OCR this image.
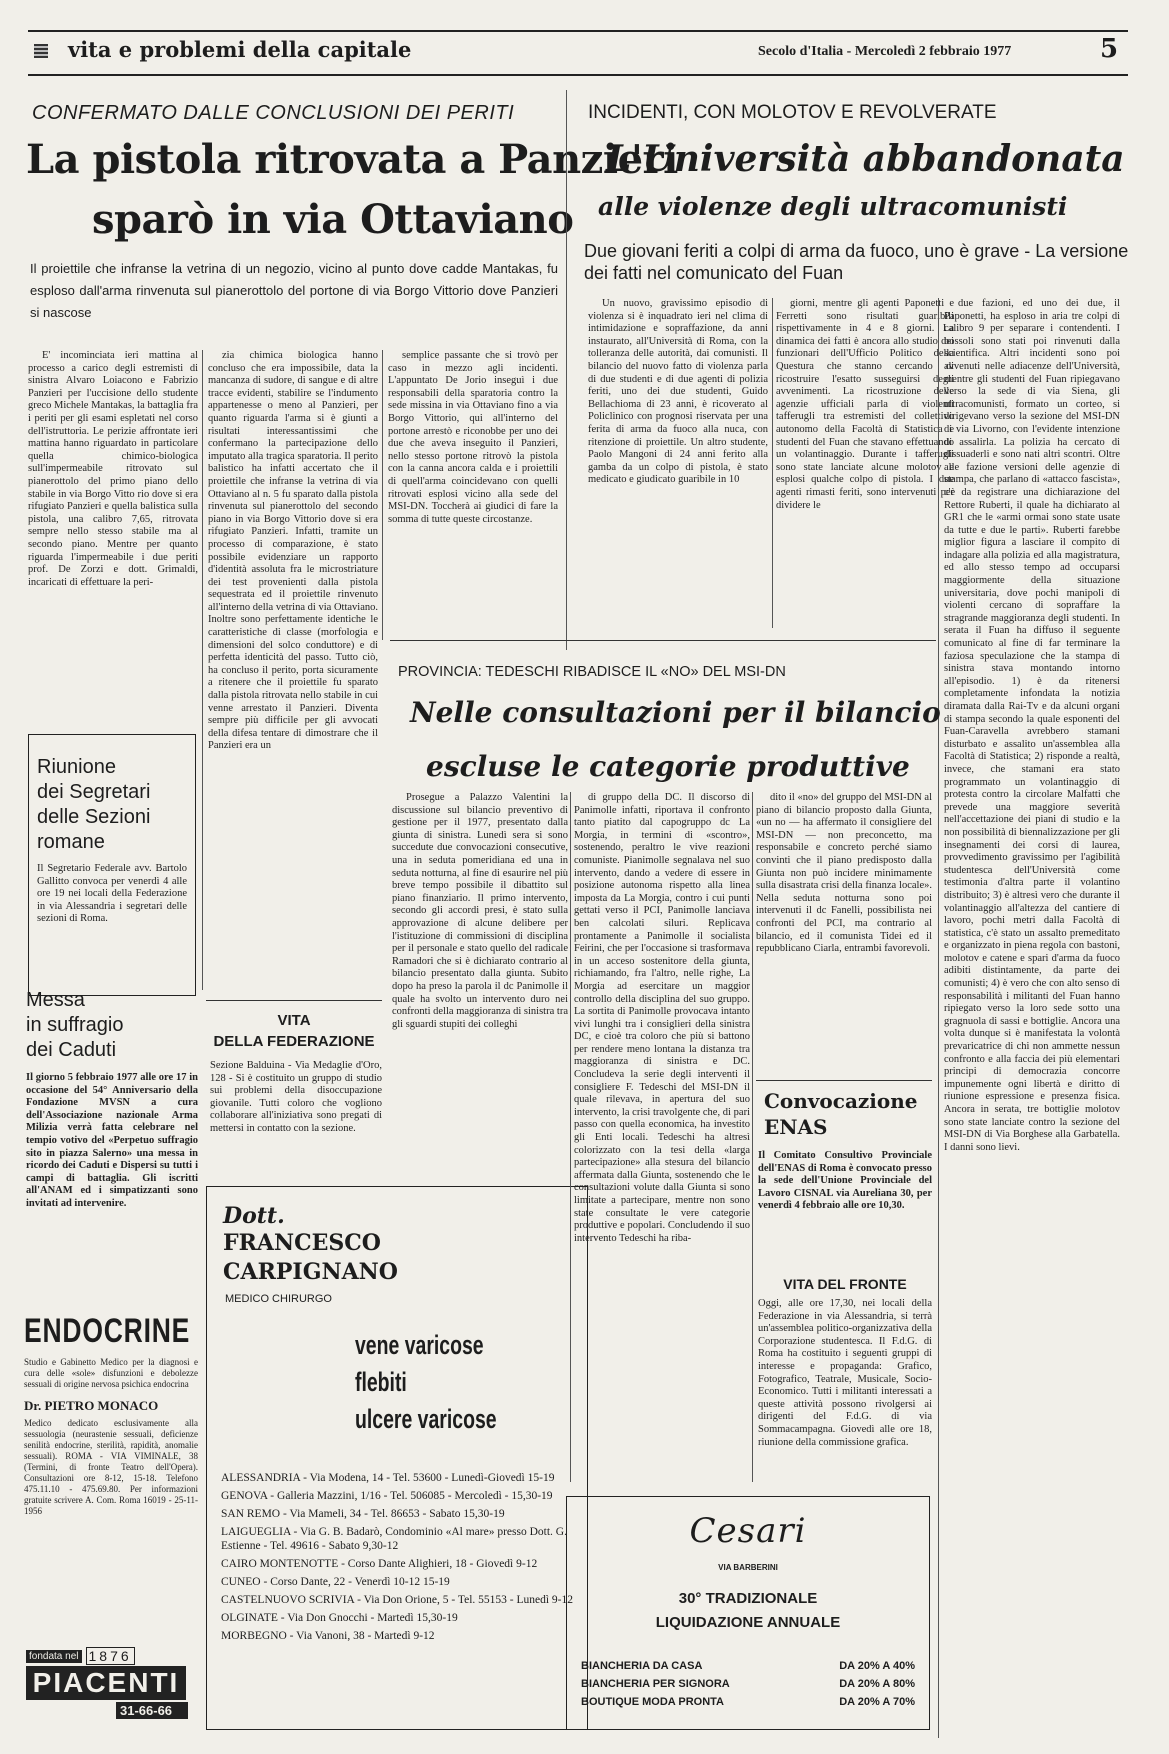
vita e problemi della capitale	Secolo d'Italia - Mercoledì 2 febbraio 1977	5
CONFERMATO DALLE CONCLUSIONI DEI PERITI
La pistola ritrovata a Panzieri
sparò in via Ottaviano
Il proiettile che infranse la vetrina di un negozio, vicino al punto dove cadde Mantakas, fu esploso dall'arma rinvenuta sul pianerottolo del portone di via Borgo Vittorio dove Panzieri si nascose

E' incominciata ieri mattina al processo a carico degli estremisti di sinistra Alvaro Loiacono e Fabrizio Panzieri per l'uccisione dello studente greco Michele Mantakas, la battaglia fra i periti per gli esami espletati nel corso dell'istruttoria. Le perizie affrontate ieri mattina hanno riguardato in particolare quella chimico-biologica sull'impermeabile ritrovato sul pianerottolo del primo piano dello stabile in via Borgo Vitto rio dove si era rifugiato Panzieri e quella balistica sulla pistola, una calibro 7,65, ritrovata sempre nello stesso stabile ma al secondo piano. Mentre per quanto riguarda l'impermeabile i due periti prof. De Zorzi e dott. Grimaldi, incaricati di effettuare la peri-

zia chimica biologica hanno concluso che era impossibile, data la mancanza di sudore, di sangue e di altre tracce evidenti, stabilire se l'indumento appartenesse o meno al Panzieri, per quanto riguarda l'arma si è giunti a risultati interessantissimi che confermano la partecipazione dello imputato alla tragica sparatoria. Il perito balistico ha infatti accertato che il proiettile che infranse la vetrina di via Ottaviano al n. 5 fu sparato dalla pistola rinvenuta sul pianerottolo del secondo piano in via Borgo Vittorio dove si era rifugiato Panzieri. Infatti, tramite un processo di comparazione, è stato possibile evidenziare un rapporto d'identità assoluta fra le microstriature dei test provenienti dalla pistola sequestrata ed il proiettile rinvenuto all'interno della vetrina di via Ottaviano. Inoltre sono perfettamente identiche le caratteristiche di classe (morfologia e dimensioni del solco conduttore) e di perfetta identicità del passo. Tutto ciò, ha concluso il perito, porta sicuramente a ritenere che il proiettile fu sparato dalla pistola ritrovata nello stabile in cui venne arrestato il Panzieri. Diventa sempre più difficile per gli avvocati della difesa tentare di dimostrare che il Panzieri era un

semplice passante che si trovò per caso in mezzo agli incidenti. L'appuntato De Jorio inseguì i due responsabili della sparatoria contro la sede missina in via Ottaviano fino a via Borgo Vittorio, qui all'interno del portone arrestò e riconobbe per uno dei due che aveva inseguito il Panzieri, nello stesso portone ritrovò la pistola con la canna ancora calda e i proiettili di quell'arma coincidevano con quelli ritrovati esplosi vicino alla sede del MSI-DN. Toccherà ai giudici di fare la somma di tutte queste circostanze.

Riunione
dei Segretari
delle Sezioni
romane
Il Segretario Federale avv. Bartolo Gallitto convoca per venerdì 4 alle ore 19 nei locali della Federazione in via Alessandria i segretari delle sezioni di Roma.
Messa
in suffragio
dei Caduti
Il giorno 5 febbraio 1977 alle ore 17 in occasione del 54° Anniversario della Fondazione MVSN a cura dell'Associazione nazionale Arma Milizia verrà fatta celebrare nel tempio votivo del «Perpetuo suffragio sito in piazza Salerno» una messa in ricordo dei Caduti e Dispersi su tutti i campi di battaglia. Gli iscritti all'ANAM ed i simpatizzanti sono invitati ad intervenire.
ENDOCRINE
Studio e Gabinetto Medico per la diagnosi e cura delle «sole» disfunzioni e debolezze sessuali di origine nervosa psichica endocrina
Dr. PIETRO MONACO
Medico dedicato esclusivamente alla sessuologia (neurastenie sessuali, deficienze senilità endocrine, sterilità, rapidità, anomalie sessuali). ROMA - VIA VIMINALE, 38 (Termini, di fronte Teatro dell'Opera). Consultazioni ore 8-12, 15-18. Telefono 475.11.10 - 475.69.80. Per informazioni gratuite scrivere A. Com. Roma 16019 - 25-11-1956
fondata nel 1876
PIACENTI
31-66-66
VITA
DELLA FEDERAZIONE
Sezione Balduina - Via Medaglie d'Oro, 128 - Si è costituito un gruppo di studio sui problemi della disoccupazione giovanile. Tutti coloro che vogliono collaborare all'iniziativa sono pregati di mettersi in contatto con la sezione.
Dott.
FRANCESCO
CARPIGNANO
MEDICO CHIRURGO
vene varicose
flebiti
ulcere varicose
ALESSANDRIA - Via Modena, 14 - Tel. 53600 - Lunedì-Giovedì 15-19
GENOVA - Galleria Mazzini, 1/16 - Tel. 506085 - Mercoledì - 15,30-19
SAN REMO - Via Mameli, 34 - Tel. 86653 - Sabato 15,30-19
LAIGUEGLIA - Via G. B. Badarò, Condominio «Al mare» presso Dott. G. Estienne - Tel. 49616 - Sabato 9,30-12
CAIRO MONTENOTTE - Corso Dante Alighieri, 18 - Giovedì 9-12
CUNEO - Corso Dante, 22 - Venerdì 10-12 15-19
CASTELNUOVO SCRIVIA - Via Don Orione, 5 - Tel. 55153 - Lunedì 9-12
OLGINATE - Via Don Gnocchi - Martedì 15,30-19
MORBEGNO - Via Vanoni, 38 - Martedì 9-12
INCIDENTI, CON MOLOTOV E REVOLVERATE
L'Università abbandonata
alle violenze degli ultracomunisti
Due giovani feriti a colpi di arma da fuoco, uno è grave - La versione dei fatti nel comunicato del Fuan

Un nuovo, gravissimo episodio di violenza si è inquadrato ieri nel clima di intimidazione e sopraffazione, da anni instaurato, all'Università di Roma, con la tolleranza delle autorità, dai comunisti. Il bilancio del nuovo fatto di violenza parla di due studenti e di due agenti di polizia feriti, uno dei due studenti, Guido Bellachioma di 23 anni, è ricoverato al Policlinico con prognosi riservata per una ferita di arma da fuoco alla nuca, con ritenzione di proiettile. Un altro studente, Paolo Mangoni di 24 anni ferito alla gamba da un colpo di pistola, è stato medicato e giudicato guaribile in 10

giorni, mentre gli agenti Paponetti e Ferretti sono risultati guaribili rispettivamente in 4 e 8 giorni. La dinamica dei fatti è ancora allo studio dei funzionari dell'Ufficio Politico della Questura che stanno cercando di ricostruire l'esatto susseguirsi degli avvenimenti. La ricostruzione delle agenzie ufficiali parla di violenti tafferugli tra estremisti del collettivo autonomo della Facoltà di Statistica e studenti del Fuan che stavano effettuando un volantinaggio. Durante i tafferugli sono state lanciate alcune molotov e esplosi qualche colpo di pistola. I due agenti rimasti feriti, sono intervenuti per dividere le

due fazioni, ed uno dei due, il Paponetti, ha esploso in aria tre colpi di calibro 9 per separare i contendenti. I bossoli sono stati poi rinvenuti dalla scientifica. Altri incidenti sono poi avvenuti nelle adiacenze dell'Università, mentre gli studenti del Fuan ripiegavano verso la sede di via Siena, gli ultracomunisti, formato un corteo, si dirigevano verso la sezione del MSI-DN di via Livorno, con l'evidente intenzione di assalirla. La polizia ha cercato di dissuaderli e sono nati altri scontri. Oltre alle fazione versioni delle agenzie di stampa, che parlano di «attacco fascista», c'è da registrare una dichiarazione del Rettore Ruberti, il quale ha dichiarato al GR1 che le «armi ormai sono state usate da tutte e due le parti». Ruberti farebbe miglior figura a lasciare il compito di indagare alla polizia ed alla magistratura, ed allo stesso tempo ad occuparsi maggiormente della situazione universitaria, dove pochi manipoli di violenti cercano di sopraffare la stragrande maggioranza degli studenti. In serata il Fuan ha diffuso il seguente comunicato al fine di far terminare la faziosa speculazione che la stampa di sinistra stava montando intorno all'episodio. 1) è da ritenersi completamente infondata la notizia diramata dalla Rai-Tv e da alcuni organi di stampa secondo la quale esponenti del Fuan-Caravella avrebbero stamani disturbato e assalito un'assemblea alla Facoltà di Statistica; 2) risponde a realtà, invece, che stamani era stato programmato un volantinaggio di protesta contro la circolare Malfatti che prevede una maggiore severità nell'accettazione dei piani di studio e la non possibilità di biennalizzazione per gli insegnamenti dei corsi di laurea, provvedimento gravissimo per l'agibilità studentesca dell'Università come testimonia d'altra parte il volantino distribuito; 3) è altresì vero che durante il volantinaggio all'altezza del cantiere di lavoro, pochi metri dalla Facoltà di statistica, c'è stato un assalto premeditato e organizzato in piena regola con bastoni, molotov e catene e spari d'arma da fuoco adibiti distintamente, da parte dei comunisti; 4) è vero che con alto senso di responsabilità i militanti del Fuan hanno ripiegato verso la loro sede sotto una gragnuola di sassi e bottiglie. Ancora una volta dunque si è manifestata la volontà prevaricatrice di chi non ammette nessun confronto e alla faccia dei più elementari principi di democrazia concorre impunemente ogni libertà e diritto di riunione espressione e presenza fisica. Ancora in serata, tre bottiglie molotov sono state lanciate contro la sezione del MSI-DN di Via Borghese alla Garbatella. I danni sono lievi.

PROVINCIA: TEDESCHI RIBADISCE IL «NO» DEL MSI-DN
Nelle consultazioni per il bilancio
escluse le categorie produttive

Prosegue a Palazzo Valentini la discussione sul bilancio preventivo di gestione per il 1977, presentato dalla giunta di sinistra. Lunedì sera si sono succedute due convocazioni consecutive, una in seduta pomeridiana ed una in seduta notturna, al fine di esaurire nel più breve tempo possibile il dibattito sul piano finanziario. Il primo intervento, secondo gli accordi presi, è stato sulla approvazione di alcune delibere per l'istituzione di commissioni di disciplina per il personale e stato quello del radicale Ramadori che si è dichiarato contrario al bilancio presentato dalla giunta. Subito dopo ha preso la parola il dc Panimolle il quale ha svolto un intervento duro nei confronti della maggioranza di sinistra tra gli sguardi stupiti dei colleghi

di gruppo della DC. Il discorso di Panimolle infatti, riportava il confronto tanto piatito dal capogruppo dc La Morgia, in termini di «scontro», sostenendo, peraltro le vive reazioni comuniste. Pianimolle segnalava nel suo intervento, dando a vedere di essere in posizione autonoma rispetto alla linea imposta da La Morgia, contro i cui punti gettati verso il PCI, Panimolle lanciava ben calcolati siluri. Replicava prontamente a Panimolle il socialista Feirini, che per l'occasione si trasformava in un acceso sostenitore della giunta, richiamando, fra l'altro, nelle righe, La Morgia ad esercitare un maggior controllo della disciplina del suo gruppo. La sortita di Panimolle provocava intanto vivi lunghi tra i consiglieri della sinistra DC, e cioè tra coloro che più si battono per rendere meno lontana la distanza tra maggioranza di sinistra e DC. Concludeva la serie degli interventi il consigliere F. Tedeschi del MSI-DN il quale rilevava, in apertura del suo intervento, la crisi travolgente che, di pari passo con quella economica, ha investito gli Enti locali. Tedeschi ha altresì colorizzato con la tesi della «larga partecipazione» alla stesura del bilancio affermata dalla Giunta, sostenendo che le consultazioni volute dalla Giunta si sono limitate a partecipare, mentre non sono state consultate le vere categorie produttive e popolari. Concludendo il suo intervento Tedeschi ha riba-

dito il «no» del gruppo del MSI-DN al piano di bilancio proposto dalla Giunta, «un no — ha affermato il consigliere del MSI-DN — non preconcetto, ma responsabile e concreto perché siamo convinti che il piano predisposto dalla Giunta non può incidere minimamente sulla disastrata crisi della finanza locale». Nella seduta notturna sono poi intervenuti il dc Fanelli, possibilista nei confronti del PCI, ma contrario al bilancio, ed il comunista Tidei ed il repubblicano Ciarla, entrambi favorevoli.

Convocazione
ENAS
Il Comitato Consultivo Provinciale dell'ENAS di Roma è convocato presso la sede dell'Unione Provinciale del Lavoro CISNAL via Aureliana 30, per venerdì 4 febbraio alle ore 10,30.
VITA DEL FRONTE
Oggi, alle ore 17,30, nei locali della Federazione in via Alessandria, si terrà un'assemblea politico-organizzativa della Corporazione studentesca. Il F.d.G. di Roma ha costituito i seguenti gruppi di interesse e propaganda: Grafico, Fotografico, Teatrale, Musicale, Socio-Economico. Tutti i militanti interessati a queste attività possono rivolgersi ai dirigenti del F.d.G. di via Sommacampagna. Giovedì alle ore 18, riunione della commissione grafica.
Cesari
VIA BARBERINI
30° TRADIZIONALE
LIQUIDAZIONE ANNUALE
BIANCHERIA DA CASA	DA 20% A 40%
BIANCHERIA PER SIGNORA	DA 20% A 80%
BOUTIQUE MODA PRONTA	DA 20% A 70%
